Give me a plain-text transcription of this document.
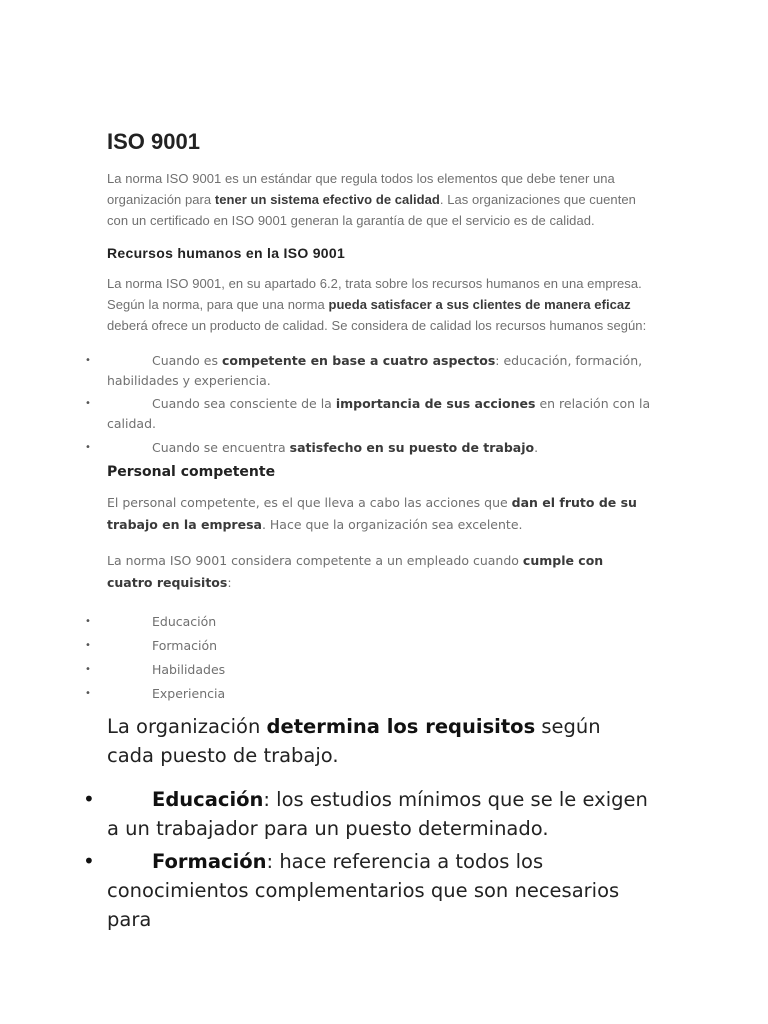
ISO 9001

La norma ISO 9001 es un estándar que regula todos los elementos que debe tener una organización para tener un sistema efectivo de calidad. Las organizaciones que cuenten con un certificado en ISO 9001 generan la garantía de que el servicio es de calidad.

Recursos humanos en la ISO 9001

La norma ISO 9001, en su apartado 6.2, trata sobre los recursos humanos en una empresa. Según la norma, para que una norma pueda satisfacer a sus clientes de manera eficaz deberá ofrece un producto de calidad. Se considera de calidad los recursos humanos según:

•	Cuando es competente en base a cuatro aspectos: educación, formación, habilidades y experiencia.
•	Cuando sea consciente de la importancia de sus acciones en relación con la calidad.
•	Cuando se encuentra satisfecho en su puesto de trabajo.
Personal competente

El personal competente, es el que lleva a cabo las acciones que dan el fruto de su trabajo en la empresa. Hace que la organización sea excelente.

La norma ISO 9001 considera competente a un empleado cuando cumple con cuatro requisitos:

•	Educación
•	Formación
•	Habilidades
•	Experiencia

La organización determina los requisitos según cada puesto de trabajo.

•	Educación: los estudios mínimos que se le exigen a un trabajador para un puesto determinado.
•	Formación: hace referencia a todos los conocimientos complementarios que son necesarios para
